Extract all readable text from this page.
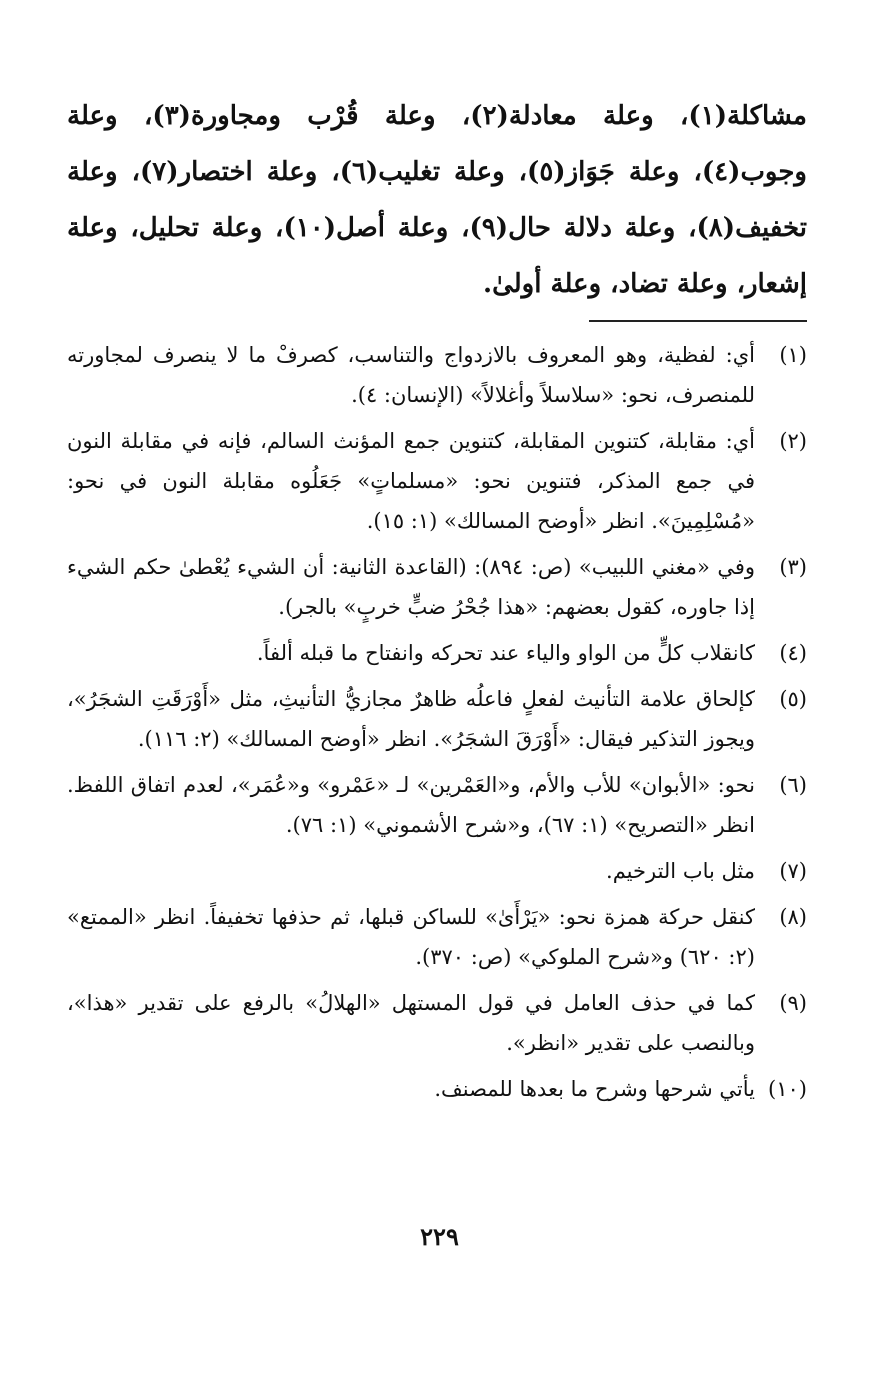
مشاكلة(١)، وعلة معادلة(٢)، وعلة قُرْب ومجاورة(٣)، وعلة وجوب(٤)، وعلة جَوَاز(٥)، وعلة تغليب(٦)، وعلة اختصار(٧)، وعلة تخفيف(٨)، وعلة دلالة حال(٩)، وعلة أصل(١٠)، وعلة تحليل، وعلة إشعار، وعلة تضاد، وعلة أولىٰ.

(١)
أي: لفظية، وهو المعروف بالازدواج والتناسب، كصرفْ ما لا ينصرف لمجاورته للمنصرف، نحو: «سلاسلاً وأغلالاً» (الإنسان: ٤).
(٢)
أي: مقابلة، كتنوين المقابلة، كتنوين جمع المؤنث السالم، فإنه في مقابلة النون في جمع المذكر، فتنوين نحو: «مسلماتٍ» جَعَلُوه مقابلة النون في نحو: «مُسْلِمِينَ». انظر «أوضح المسالك» (١: ١٥).
(٣)
وفي «مغني اللبيب» (ص: ٨٩٤): (القاعدة الثانية: أن الشيء يُعْطىٰ حكم الشيء إذا جاوره، كقول بعضهم: «هذا جُحْرُ ضبٍّ خربٍ» بالجر).
(٤)
كانقلاب كلٍّ من الواو والياء عند تحركه وانفتاح ما قبله ألفاً.
(٥)
كإلحاق علامة التأنيث لفعلٍ فاعلُه ظاهرٌ مجازيُّ التأنيثِ، مثل «أَوْرَقَتِ الشجَرُ»، ويجوز التذكير فيقال: «أَوْرَقَ الشجَرُ». انظر «أوضح المسالك» (٢: ١١٦).
(٦)
نحو: «الأبوان» للأب والأم، و«العَمْرين» لـ «عَمْرو» و«عُمَر»، لعدم اتفاق اللفظ. انظر «التصريح» (١: ٦٧)، و«شرح الأشموني» (١: ٧٦).
(٧)
مثل باب الترخيم.
(٨)
كنقل حركة همزة نحو: «يَرْأَىٰ» للساكن قبلها، ثم حذفها تخفيفاً. انظر «الممتع» (٢: ٦٢٠) و«شرح الملوكي» (ص: ٣٧٠).
(٩)
كما في حذف العامل في قول المستهل «الهلالُ» بالرفع على تقدير «هذا»، وبالنصب على تقدير «انظر».
(١٠)
يأتي شرحها وشرح ما بعدها للمصنف.
٢٢٩
